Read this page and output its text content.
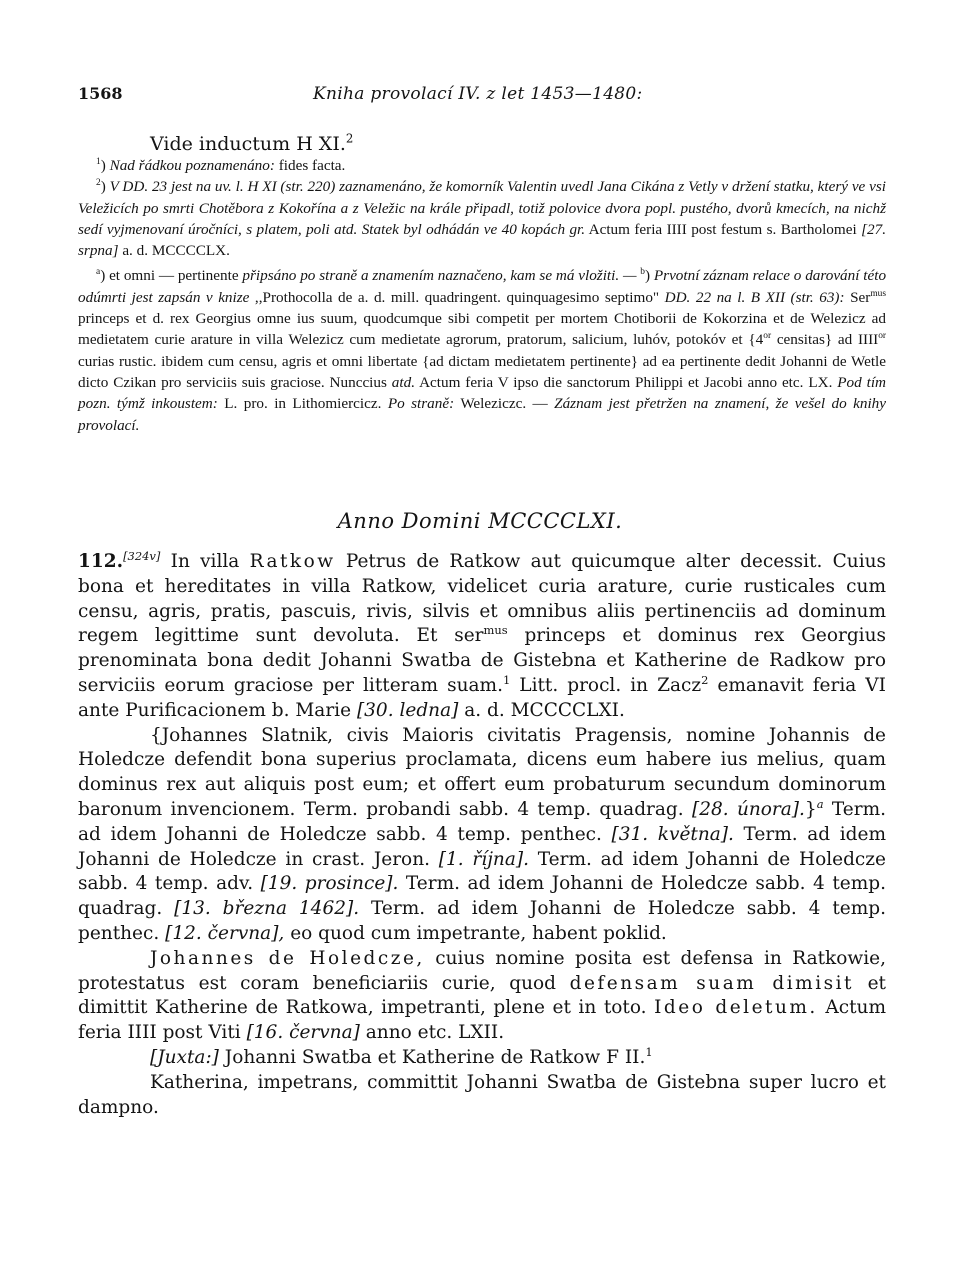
1568	Kniha provolací IV. z let 1453—1480:
Vide inductum H XI.$^2$

$^1$) Nad řádkou poznamenáno: fides facta.

$^2$) V DD. 23 jest na uv. l. H XI (str. 220) zaznamenáno, že komorník Valentin uvedl Jana Cikána z Vetly v držení statku, který ve vsi Veležicích po smrti Chotěbora z Kokořína a z Veležic na krále připadl, totiž polovice dvora popl. pustého, dvorů kmecích, na nichž sedí vyjmenovaní úročníci, s platem, poli atd. Statek byl odhádán ve 40 kopách gr. Actum feria IIII post festum s. Bartholomei [27. srpna] a. d. MCCCCLX.

$^a$) et omni — pertinente připsáno po straně a znamením naznačeno, kam se má vložiti. — $^b$) Prvotní záznam relace o darování této odúmrti jest zapsán v knize ,,Prothocolla de a. d. mill. quadringent. quinquagesimo septimo" DD. 22 na l. B XII (str. 63): Ser$^{mus}$ princeps et d. rex Georgius omne ius suum, quodcumque sibi competit per mortem Chotiborii de Kokorzina et de Welezicz ad medietatem curie arature in villa Welezicz cum medietate agrorum, pratorum, salicium, luhóv, potokóv et {$4^{or}$ censitas} ad $IIII^{or}$ curias rustic. ibidem cum censu, agris et omni libertate {ad dictam medietatem pertinente} ad ea pertinente dedit Johanni de Wetle dicto Czikan pro serviciis suis graciose. Nunccius atd. Actum feria V ipso die sanctorum Philippi et Jacobi anno etc. LX. Pod tím pozn. týmž inkoustem: L. pro. in Lithomiercicz. Po straně: Weleziczc. — Záznam jest přetržen na znamení, že vešel do knihy provolací.

Anno Domini MCCCCLXI.

112.[324v] In villa Ratkow Petrus de Ratkow aut quicumque alter decessit. Cuius bona et hereditates in villa Ratkow, videlicet curia arature, curie rusticales cum censu, agris, pratis, pascuis, rivis, silvis et omnibus aliis pertinenciis ad dominum regem legittime sunt devoluta. Et ser$^{mus}$ princeps et dominus rex Georgius prenominata bona dedit Johanni Swatba de Gistebna et Katherine de Radkow pro serviciis eorum graciose per litteram suam.$^1$ Litt. procl. in Zacz$^2$ emanavit feria VI ante Purificacionem b. Marie [30. ledna] a. d. MCCCCLXI.

{Johannes Slatnik, civis Maioris civitatis Pragensis, nomine Johannis de Holedcze defendit bona superius proclamata, dicens eum habere ius melius, quam dominus rex aut aliquis post eum; et offert eum probaturum secundum dominorum baronum invencionem. Term. probandi sabb. 4 temp. quadrag. [28. února].}$^a$ Term. ad idem Johanni de Holedcze sabb. 4 temp. penthec. [31. května]. Term. ad idem Johanni de Holedcze in crast. Jeron. [1. října]. Term. ad idem Johanni de Holedcze sabb. 4 temp. adv. [19. prosince]. Term. ad idem Johanni de Holedcze sabb. 4 temp. quadrag. [13. března 1462]. Term. ad idem Johanni de Holedcze sabb. 4 temp. penthec. [12. června], eo quod cum impetrante, habent poklid.

Johannes de Holedcze, cuius nomine posita est defensa in Ratkowie, protestatus est coram beneficiariis curie, quod defensam suam dimisit et dimittit Katherine de Ratkowa, impetranti, plene et in toto. Ideo deletum. Actum feria IIII post Viti [16. června] anno etc. LXII.

[Juxta:] Johanni Swatba et Katherine de Ratkow F II.$^1$

Katherina, impetrans, committit Johanni Swatba de Gistebna super lucro et dampno.
